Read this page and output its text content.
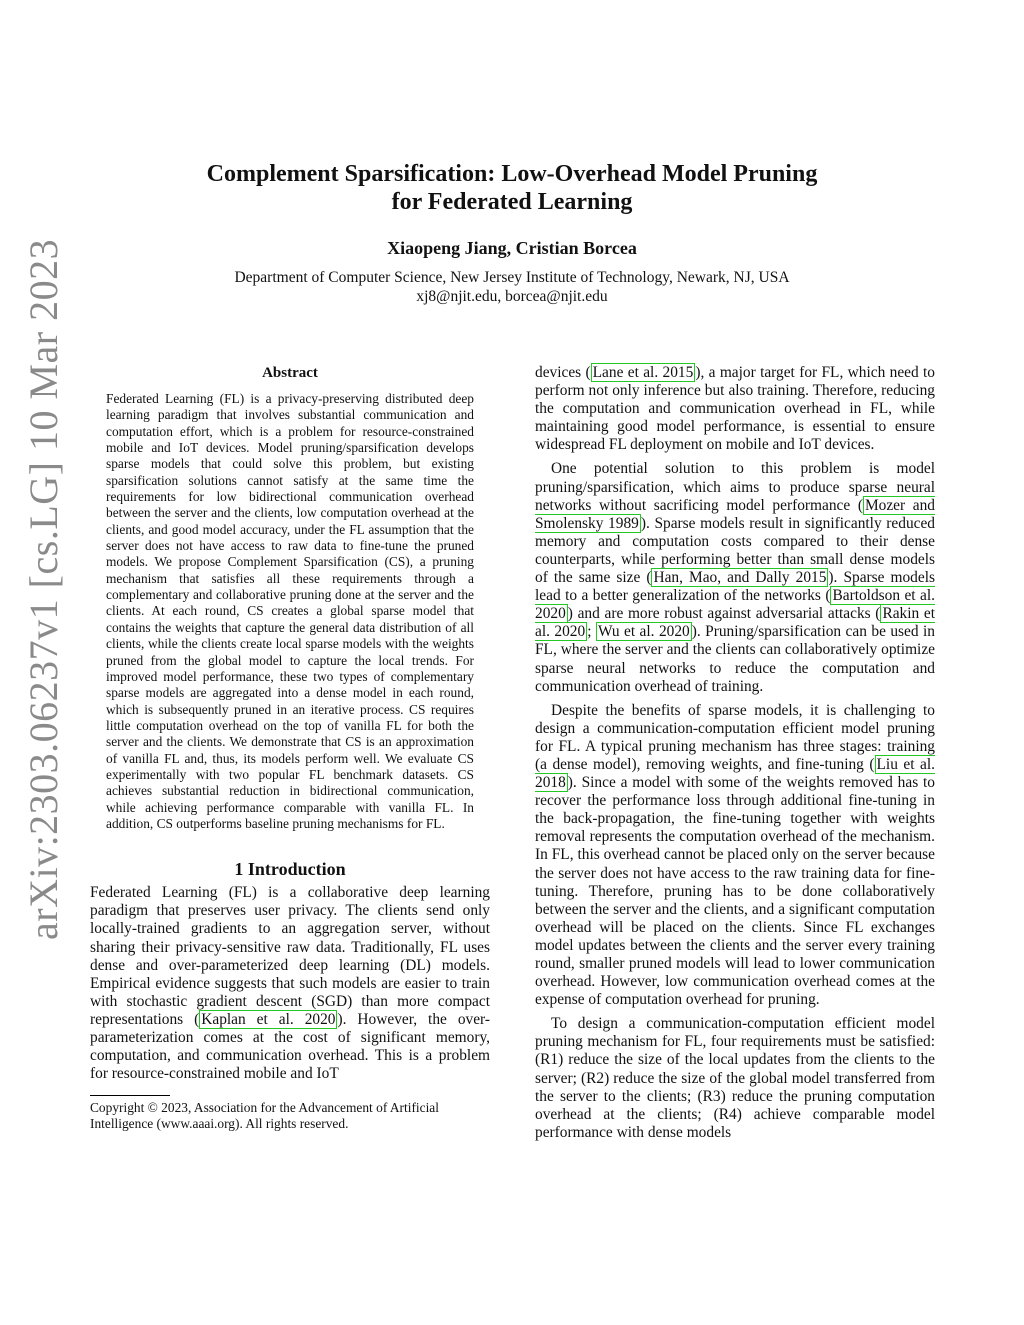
arXiv:2303.06237v1 [cs.LG] 10 Mar 2023
Complement Sparsification: Low-Overhead Model Pruning
for Federated Learning
Xiaopeng Jiang, Cristian Borcea
Department of Computer Science, New Jersey Institute of Technology, Newark, NJ, USA
xj8@njit.edu, borcea@njit.edu
Abstract

Federated Learning (FL) is a privacy-preserving distributed deep learning paradigm that involves substantial communication and computation effort, which is a problem for resource-constrained mobile and IoT devices. Model pruning/sparsification develops sparse models that could solve this problem, but existing sparsification solutions cannot satisfy at the same time the requirements for low bidirectional communication overhead between the server and the clients, low computation overhead at the clients, and good model accuracy, under the FL assumption that the server does not have access to raw data to fine-tune the pruned models. We propose Complement Sparsification (CS), a pruning mechanism that satisfies all these requirements through a complementary and collaborative pruning done at the server and the clients. At each round, CS creates a global sparse model that contains the weights that capture the general data distribution of all clients, while the clients create local sparse models with the weights pruned from the global model to capture the local trends. For improved model performance, these two types of complementary sparse models are aggregated into a dense model in each round, which is subsequently pruned in an iterative process. CS requires little computation overhead on the top of vanilla FL for both the server and the clients. We demonstrate that CS is an approximation of vanilla FL and, thus, its models perform well. We evaluate CS experimentally with two popular FL benchmark datasets. CS achieves substantial reduction in bidirectional communication, while achieving performance comparable with vanilla FL. In addition, CS outperforms baseline pruning mechanisms for FL.

1 Introduction

Federated Learning (FL) is a collaborative deep learning paradigm that preserves user privacy. The clients send only locally-trained gradients to an aggregation server, without sharing their privacy-sensitive raw data. Traditionally, FL uses dense and over-parameterized deep learning (DL) models. Empirical evidence suggests that such models are easier to train with stochastic gradient descent (SGD) than more compact representations ( Kaplan et al. 2020 ). However, the over-parameterization comes at the cost of significant memory, computation, and communication overhead. This is a problem for resource-constrained mobile and IoT

Copyright © 2023, Association for the Advancement of Artificial Intelligence (www.aaai.org). All rights reserved.

devices ( Lane et al. 2015 ), a major target for FL, which need to perform not only inference but also training. Therefore, reducing the computation and communication overhead in FL, while maintaining good model performance, is essential to ensure widespread FL deployment on mobile and IoT devices.

One potential solution to this problem is model pruning/sparsification, which aims to produce sparse neural networks without sacrificing model performance ( Mozer and Smolensky 1989 ). Sparse models result in significantly reduced memory and computation costs compared to their dense counterparts, while performing better than small dense models of the same size ( Han, Mao, and Dally 2015 ). Sparse models lead to a better generalization of the networks ( Bartoldson et al. 2020 ) and are more robust against adversarial attacks ( Rakin et al. 2020 ; Wu et al. 2020 ). Pruning/sparsification can be used in FL, where the server and the clients can collaboratively optimize sparse neural networks to reduce the computation and communication overhead of training.

Despite the benefits of sparse models, it is challenging to design a communication-computation efficient model pruning for FL. A typical pruning mechanism has three stages: training (a dense model), removing weights, and fine-tuning ( Liu et al. 2018 ). Since a model with some of the weights removed has to recover the performance loss through additional fine-tuning in the back-propagation, the fine-tuning together with weights removal represents the computation overhead of the mechanism. In FL, this overhead cannot be placed only on the server because the server does not have access to the raw training data for fine-tuning. Therefore, pruning has to be done collaboratively between the server and the clients, and a significant computation overhead will be placed on the clients. Since FL exchanges model updates between the clients and the server every training round, smaller pruned models will lead to lower communication overhead. However, low communication overhead comes at the expense of computation overhead for pruning.

To design a communication-computation efficient model pruning mechanism for FL, four requirements must be satisfied: (R1) reduce the size of the local updates from the clients to the server; (R2) reduce the size of the global model transferred from the server to the clients; (R3) reduce the pruning computation overhead at the clients; (R4) achieve comparable model performance with dense models
